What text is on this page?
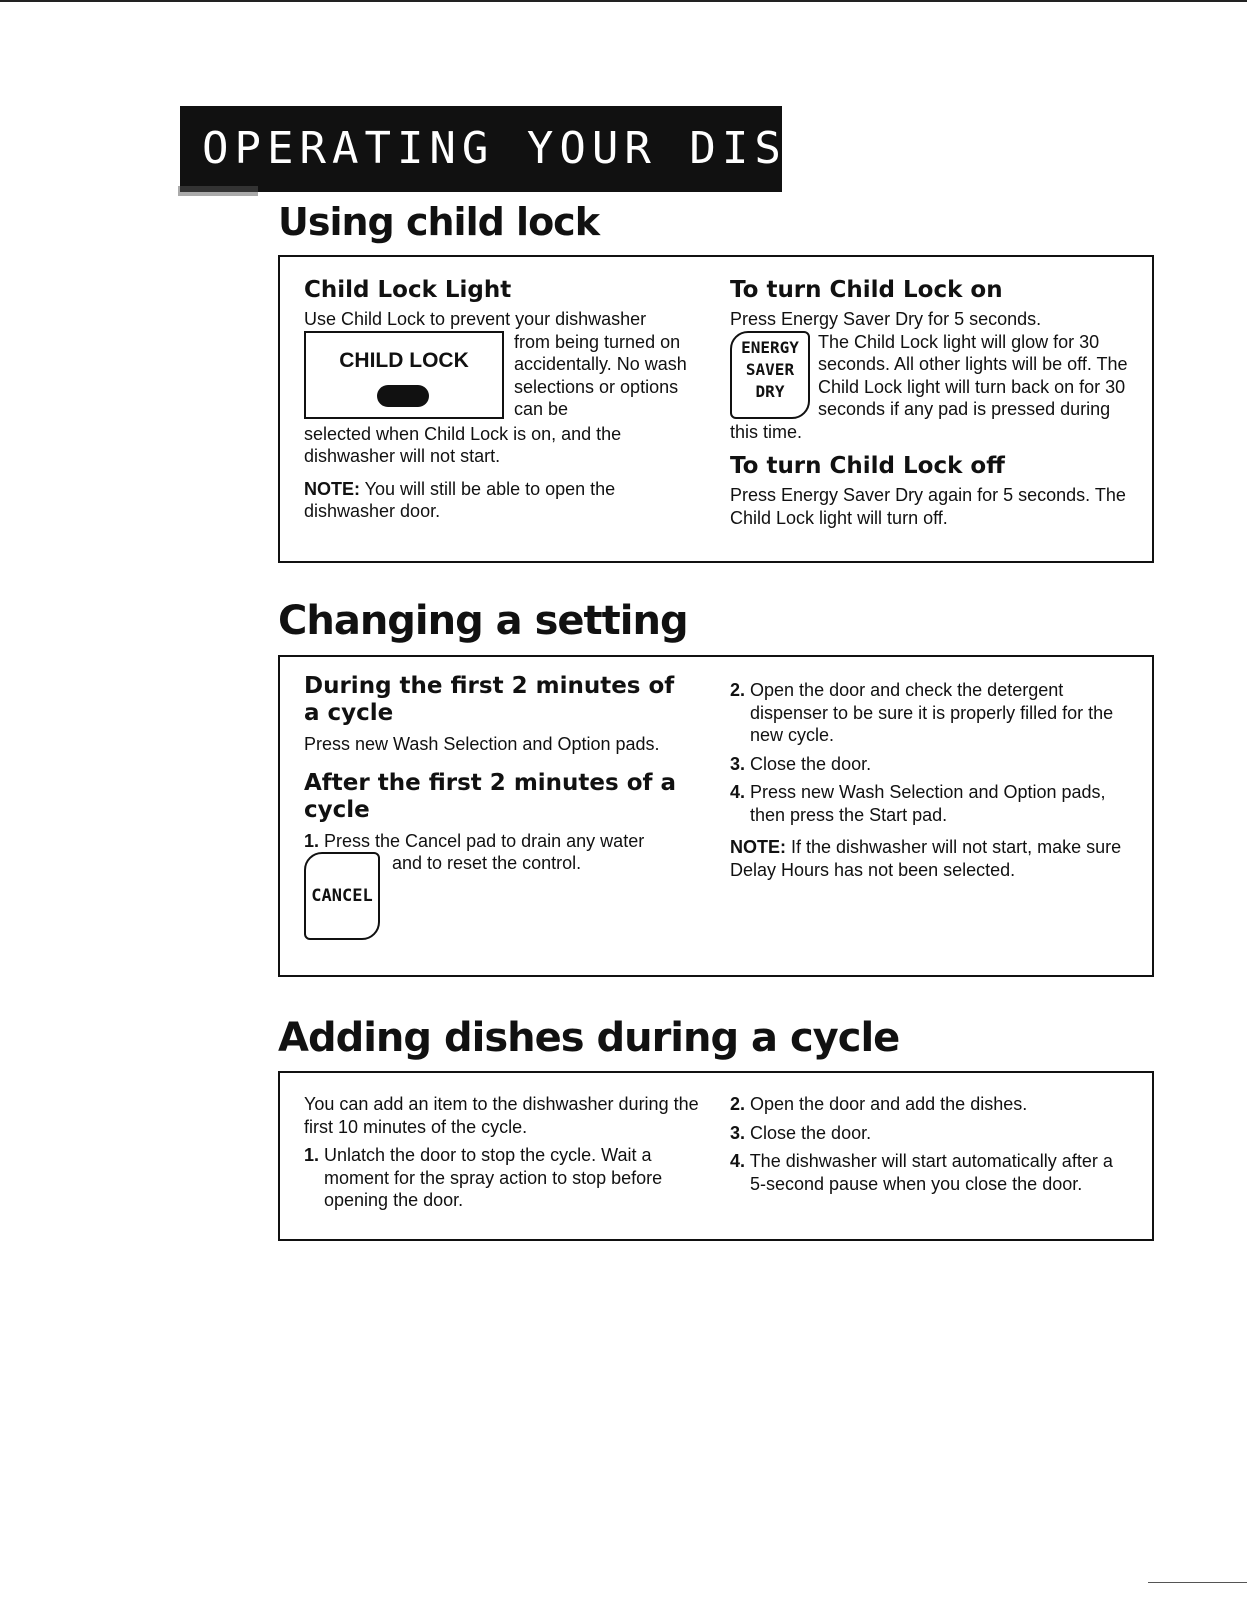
OPERATING YOUR DISHWASHER
Using child lock
Child Lock Light

Use Child Lock to prevent your dishwasher

CHILD LOCK

from being turned on accidentally. No wash selections or options can be

selected when Child Lock is on, and the dishwasher will not start.

NOTE: You will still be able to open the dishwasher door.

To turn Child Lock on

Press Energy Saver Dry for 5 seconds.

ENERGY
SAVER
DRY

The Child Lock light will glow for 30 seconds. All other lights will be off. The Child Lock light will turn back on for 30 seconds if any pad is pressed during this time.

To turn Child Lock off

Press Energy Saver Dry again for 5 seconds. The Child Lock light will turn off.

Changing a setting
During the first 2 minutes of a cycle

Press new Wash Selection and Option pads.

After the first 2 minutes of a cycle

1. Press the Cancel pad to drain any water

CANCEL

and to reset the control.

2. Open the door and check the detergent dispenser to be sure it is properly filled for the new cycle.
3. Close the door.
4. Press new Wash Selection and Option pads, then press the Start pad.

NOTE: If the dishwasher will not start, make sure Delay Hours has not been selected.

Adding dishes during a cycle

You can add an item to the dishwasher during the first 10 minutes of the cycle.

1. Unlatch the door to stop the cycle. Wait a moment for the spray action to stop before opening the door.
2. Open the door and add the dishes.
3. Close the door.
4. The dishwasher will start automatically after a 5-second pause when you close the door.
